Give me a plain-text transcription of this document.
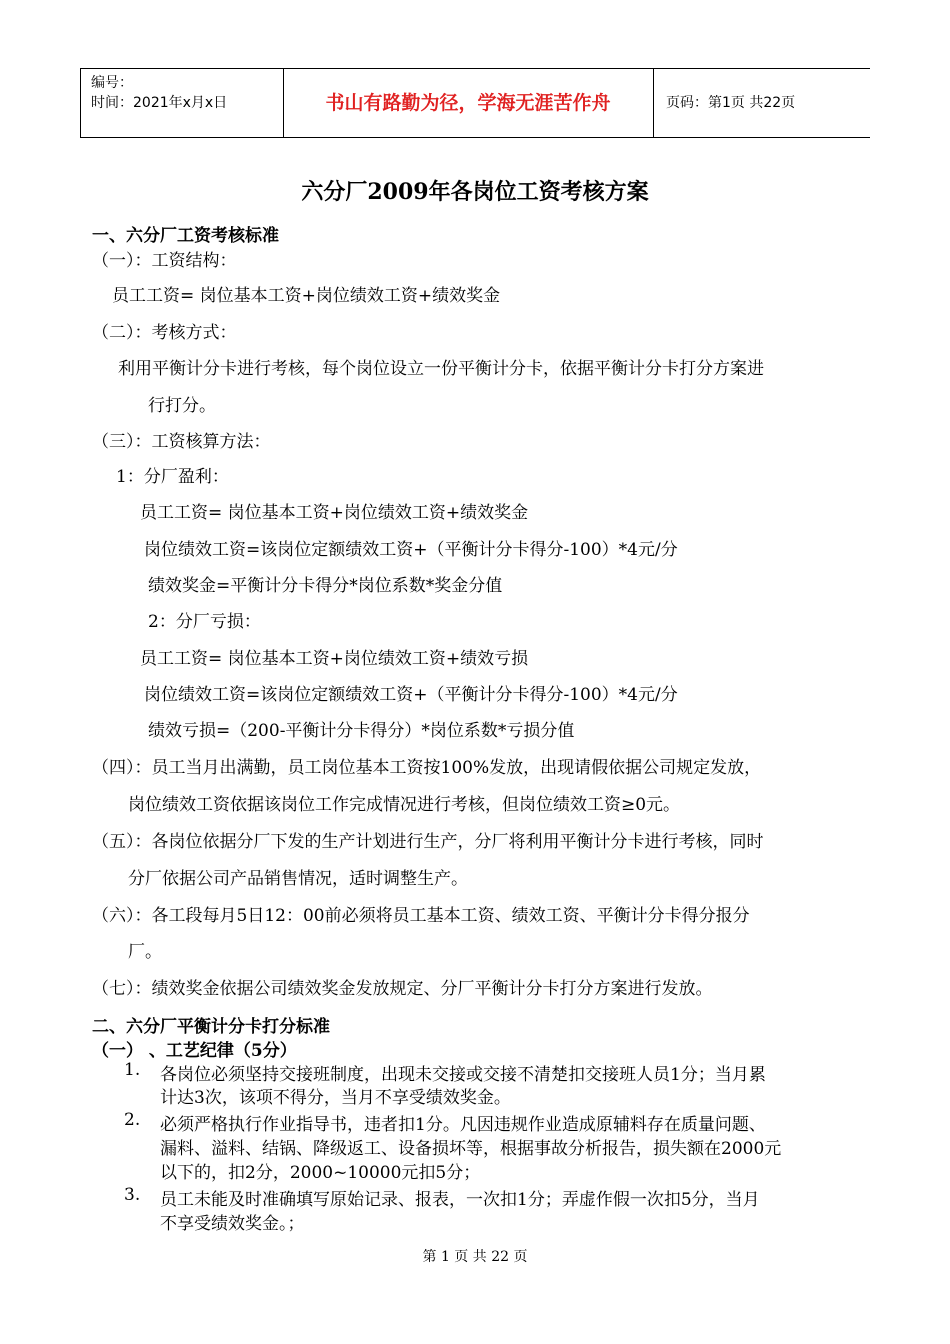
编号：
时间：2021年x月x日	书山有路勤为径，学海无涯苦作舟	页码：第1页 共22页
六分厂2009年各岗位工资考核方案
一、六分厂工资考核标准
（一）：工资结构：
员工工资= 岗位基本工资+岗位绩效工资+绩效奖金
（二）：考核方式：
利用平衡计分卡进行考核，每个岗位设立一份平衡计分卡，依据平衡计分卡打分方案进
行打分。
（三）：工资核算方法：
1：分厂盈利：
员工工资= 岗位基本工资+岗位绩效工资+绩效奖金
岗位绩效工资=该岗位定额绩效工资+（平衡计分卡得分-100）*4元/分
绩效奖金=平衡计分卡得分*岗位系数*奖金分值
2：分厂亏损：
员工工资= 岗位基本工资+岗位绩效工资+绩效亏损
岗位绩效工资=该岗位定额绩效工资+（平衡计分卡得分-100）*4元/分
绩效亏损=（200-平衡计分卡得分）*岗位系数*亏损分值
（四）：员工当月出满勤，员工岗位基本工资按100%发放，出现请假依据公司规定发放，
岗位绩效工资依据该岗位工作完成情况进行考核，但岗位绩效工资≥0元。
（五）：各岗位依据分厂下发的生产计划进行生产，分厂将利用平衡计分卡进行考核，同时
分厂依据公司产品销售情况，适时调整生产。
（六）：各工段每月5日12：00前必须将员工基本工资、绩效工资、平衡计分卡得分报分
厂。
（七）：绩效奖金依据公司绩效奖金发放规定、分厂平衡计分卡打分方案进行发放。
二、六分厂平衡计分卡打分标准
（一） 、工艺纪律（5分）
1. 各岗位必须坚持交接班制度，出现未交接或交接不清楚扣交接班人员1分；当月累
计达3次，该项不得分，当月不享受绩效奖金。
2. 必须严格执行作业指导书，违者扣1分。凡因违规作业造成原辅料存在质量问题、
漏料、溢料、结锅、降级返工、设备损坏等，根据事故分析报告，损失额在2000元
以下的，扣2分，2000~10000元扣5分；
3. 员工未能及时准确填写原始记录、报表，一次扣1分；弄虚作假一次扣5分，当月
不享受绩效奖金。；
第 1 页 共 22 页
